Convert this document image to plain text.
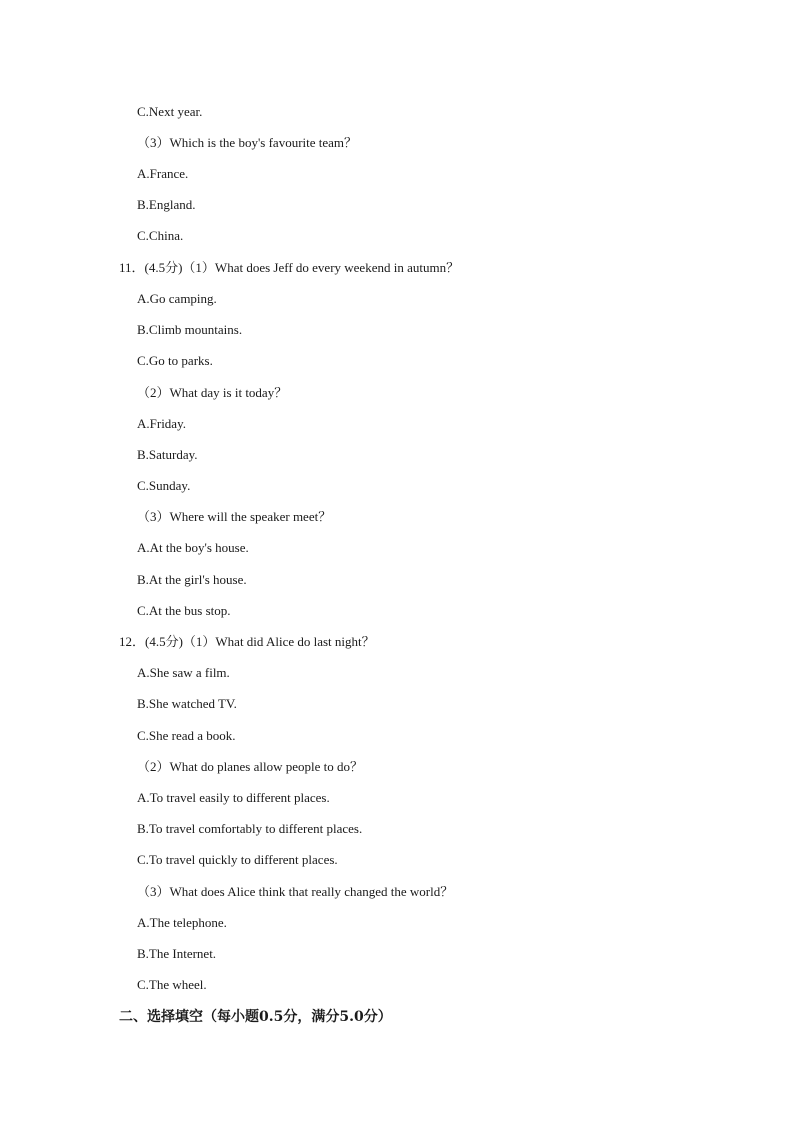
C.Next year.
（3）Which is the boy's favourite team？
A.France.
B.England.
C.China.
11．(4.5分)（1）What does Jeff do every weekend in autumn？
A.Go camping.
B.Climb mountains.
C.Go to parks.
（2）What day is it today？
A.Friday.
B.Saturday.
C.Sunday.
（3）Where will the speaker meet？
A.At the boy's house.
B.At the girl's house.
C.At the bus stop.
12．(4.5分)（1）What did Alice do last night？
A.She saw a film.
B.She watched TV.
C.She read a book.
（2）What do planes allow people to do？
A.To travel easily to different places.
B.To travel comfortably to different places.
C.To travel quickly to different places.
（3）What does Alice think that really changed the world？
A.The telephone.
B.The Internet.
C.The wheel.
二、选择填空（每小题0.5分，满分5.0分）
